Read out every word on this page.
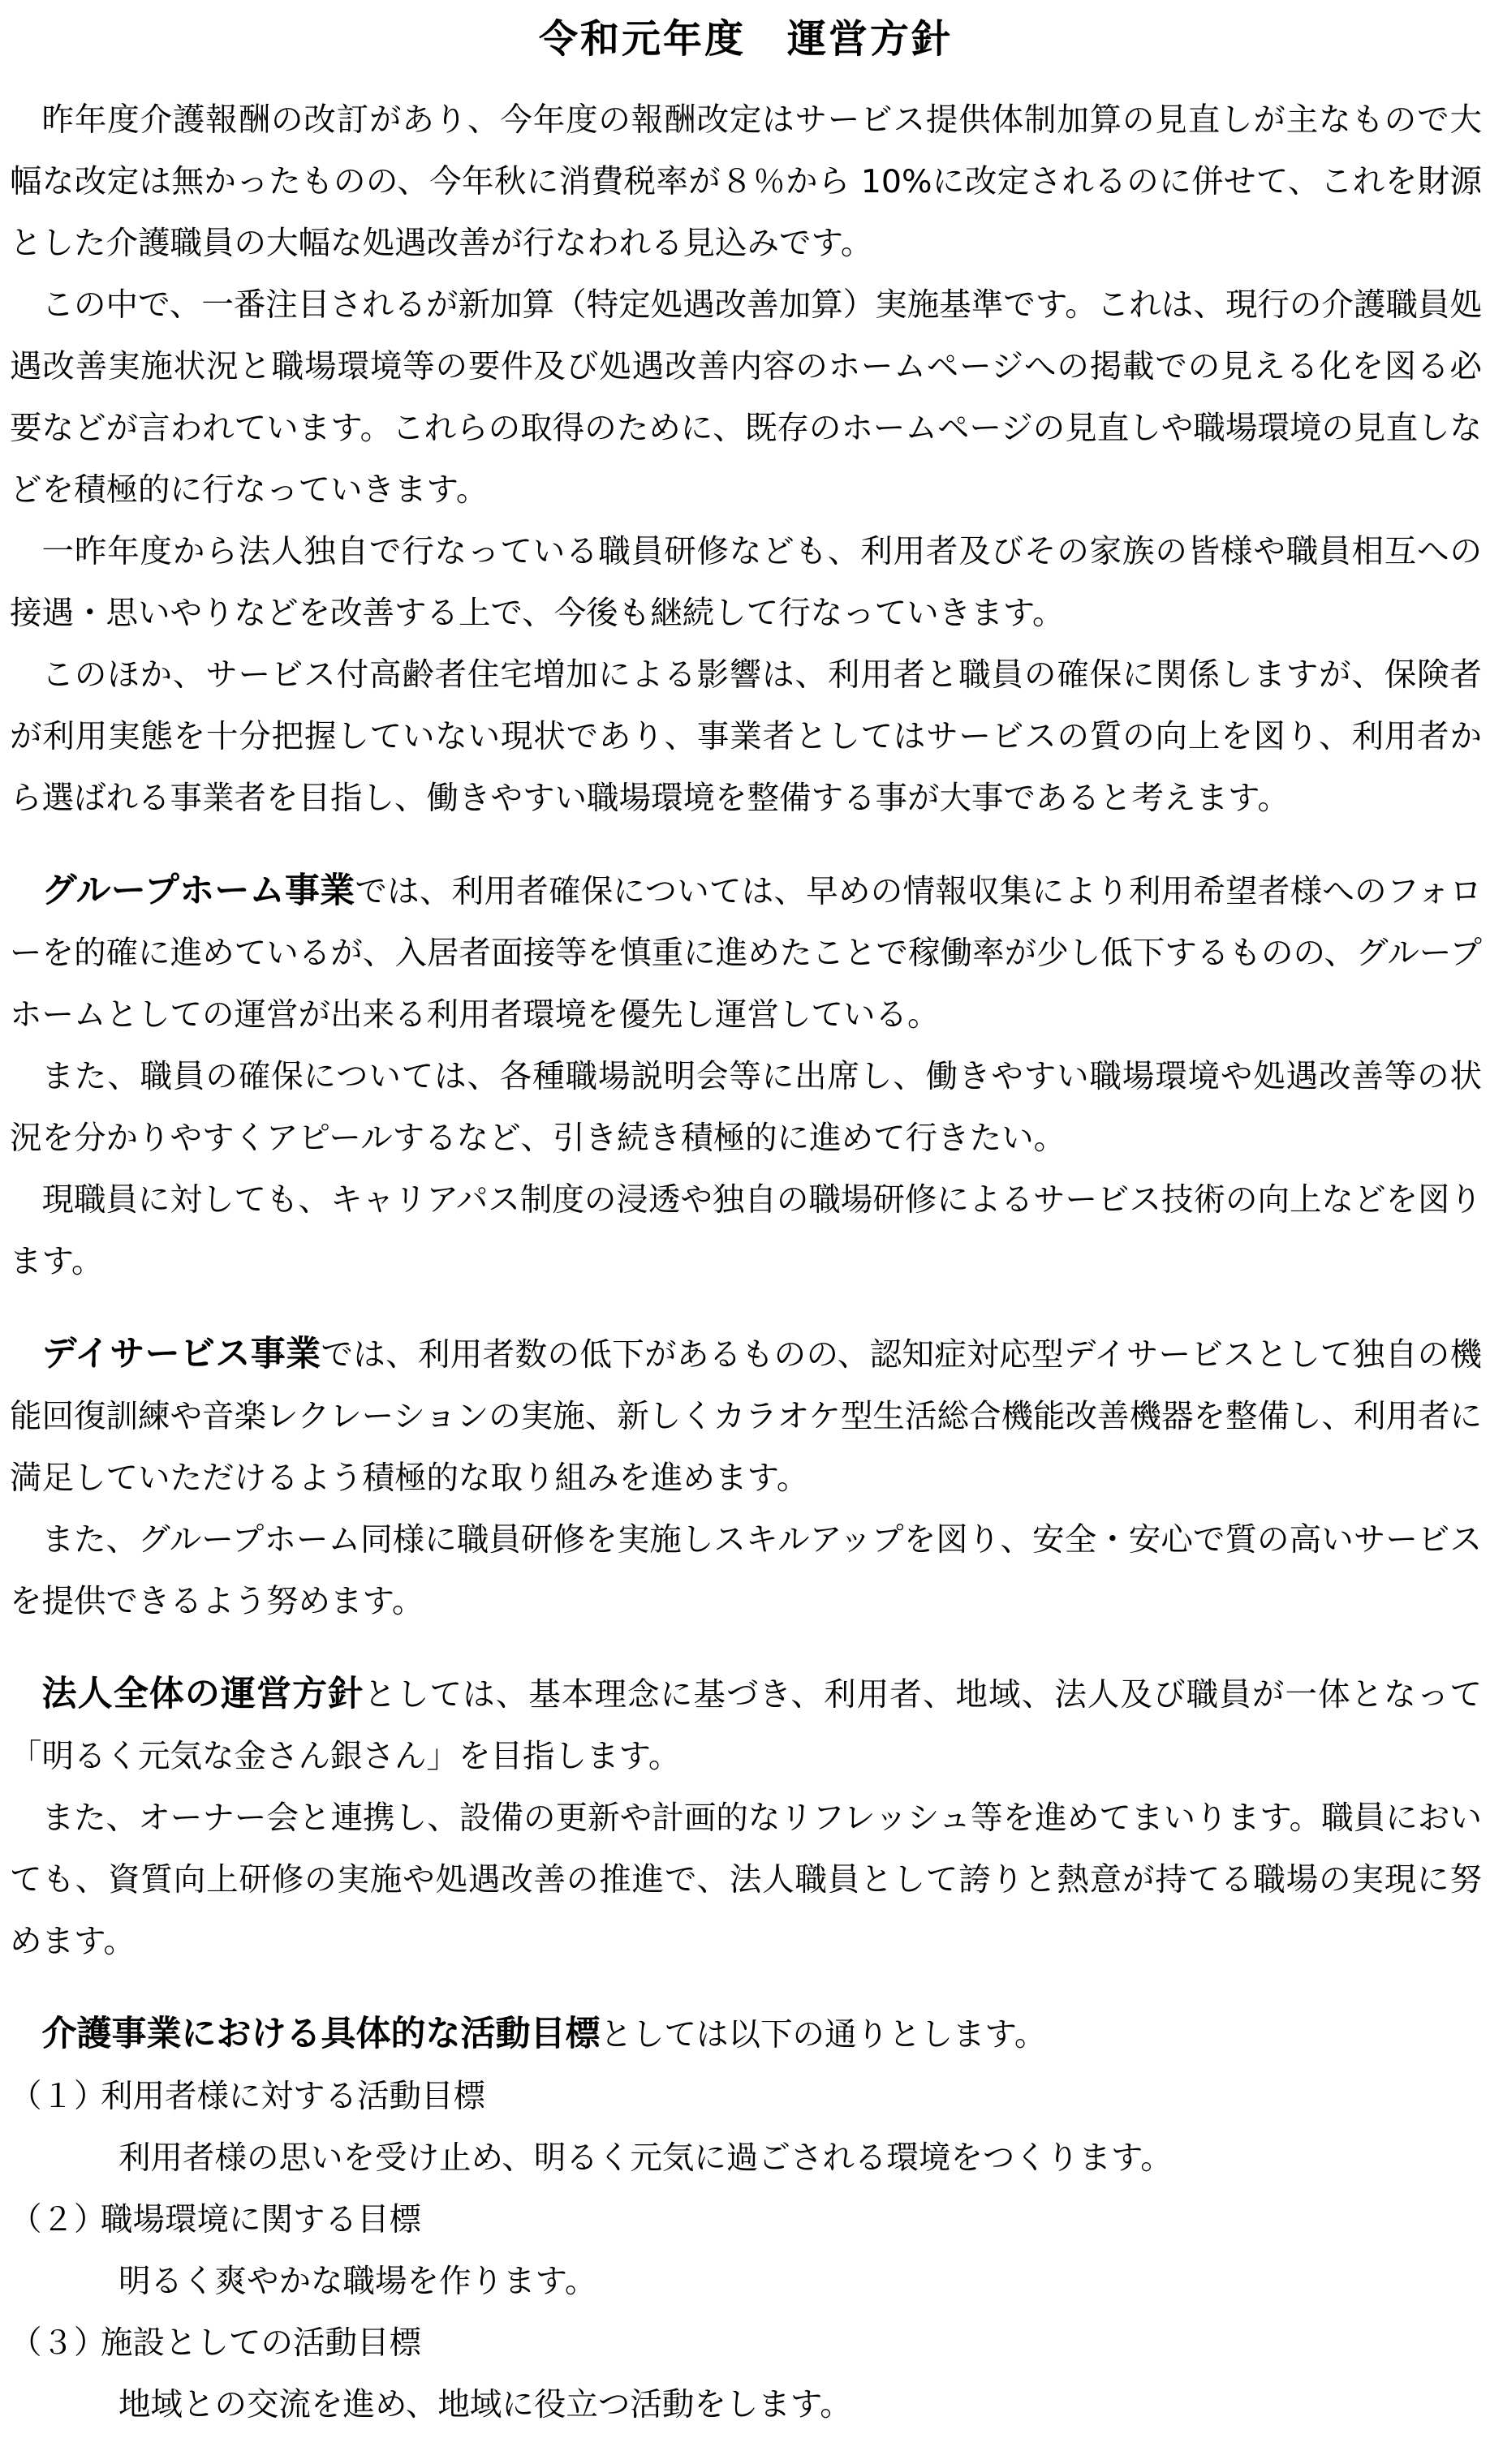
令和元年度　運営方針

昨年度介護報酬の改訂があり、今年度の報酬改定はサービス提供体制加算の見直しが主なもので大幅な改定は無かったものの、今年秋に消費税率が８％から 10%に改定されるのに併せて、これを財源とした介護職員の大幅な処遇改善が行なわれる見込みです。

この中で、一番注目されるが新加算（特定処遇改善加算）実施基準です。これは、現行の介護職員処遇改善実施状況と職場環境等の要件及び処遇改善内容のホームページへの掲載での見える化を図る必要などが言われています。これらの取得のために、既存のホームページの見直しや職場環境の見直しなどを積極的に行なっていきます。

一昨年度から法人独自で行なっている職員研修なども、利用者及びその家族の皆様や職員相互への接遇・思いやりなどを改善する上で、今後も継続して行なっていきます。

このほか、サービス付高齢者住宅増加による影響は、利用者と職員の確保に関係しますが、保険者が利用実態を十分把握していない現状であり、事業者としてはサービスの質の向上を図り、利用者から選ばれる事業者を目指し、働きやすい職場環境を整備する事が大事であると考えます。

グループホーム事業では、利用者確保については、早めの情報収集により利用希望者様へのフォローを的確に進めているが、入居者面接等を慎重に進めたことで稼働率が少し低下するものの、グループホームとしての運営が出来る利用者環境を優先し運営している。

また、職員の確保については、各種職場説明会等に出席し、働きやすい職場環境や処遇改善等の状況を分かりやすくアピールするなど、引き続き積極的に進めて行きたい。

現職員に対しても、キャリアパス制度の浸透や独自の職場研修によるサービス技術の向上などを図ります。

デイサービス事業では、利用者数の低下があるものの、認知症対応型デイサービスとして独自の機能回復訓練や音楽レクレーションの実施、新しくカラオケ型生活総合機能改善機器を整備し、利用者に満足していただけるよう積極的な取り組みを進めます。

また、グループホーム同様に職員研修を実施しスキルアップを図り、安全・安心で質の高いサービスを提供できるよう努めます。

法人全体の運営方針としては、基本理念に基づき、利用者、地域、法人及び職員が一体となって「明るく元気な金さん銀さん」を目指します。

また、オーナー会と連携し、設備の更新や計画的なリフレッシュ等を進めてまいります。職員においても、資質向上研修の実施や処遇改善の推進で、法人職員として誇りと熱意が持てる職場の実現に努めます。

介護事業における具体的な活動目標としては以下の通りとします。

（１）利用者様に対する活動目標

利用者様の思いを受け止め、明るく元気に過ごされる環境をつくります。

（２）職場環境に関する目標

明るく爽やかな職場を作ります。

（３）施設としての活動目標

地域との交流を進め、地域に役立つ活動をします。
